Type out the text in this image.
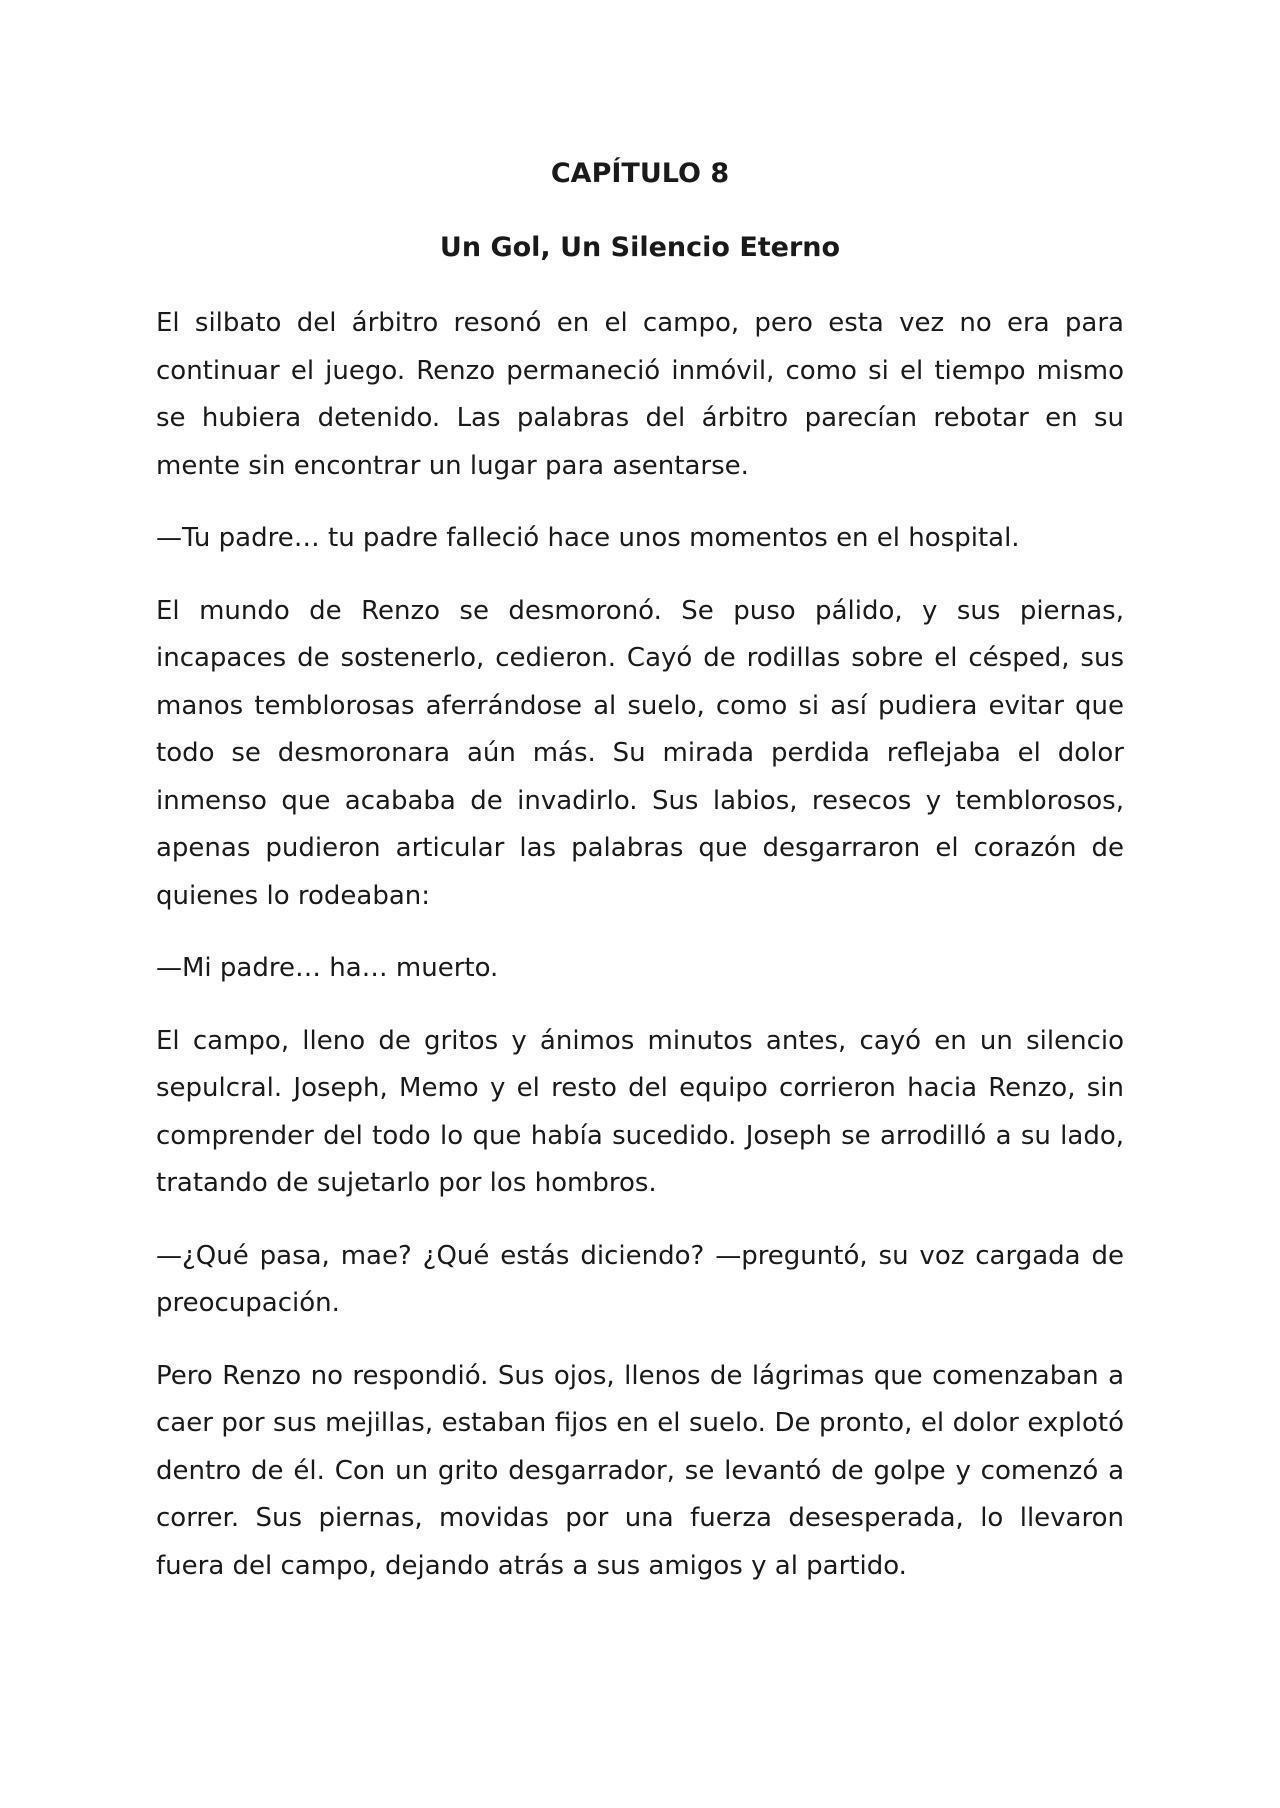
CAPÍTULO 8
Un Gol, Un Silencio Eterno

El silbato del árbitro resonó en el campo, pero esta vez no era para continuar el juego. Renzo permaneció inmóvil, como si el tiempo mismo se hubiera detenido. Las palabras del árbitro parecían rebotar en su mente sin encontrar un lugar para asentarse.

—Tu padre… tu padre falleció hace unos momentos en el hospital.

El mundo de Renzo se desmoronó. Se puso pálido, y sus piernas, incapaces de sostenerlo, cedieron. Cayó de rodillas sobre el césped, sus manos temblorosas aferrándose al suelo, como si así pudiera evitar que todo se desmoronara aún más. Su mirada perdida reflejaba el dolor inmenso que acababa de invadirlo. Sus labios, resecos y temblorosos, apenas pudieron articular las palabras que desgarraron el corazón de quienes lo rodeaban:

—Mi padre… ha… muerto.

El campo, lleno de gritos y ánimos minutos antes, cayó en un silencio sepulcral. Joseph, Memo y el resto del equipo corrieron hacia Renzo, sin comprender del todo lo que había sucedido. Joseph se arrodilló a su lado, tratando de sujetarlo por los hombros.

—¿Qué pasa, mae? ¿Qué estás diciendo? —preguntó, su voz cargada de preocupación.

Pero Renzo no respondió. Sus ojos, llenos de lágrimas que comenzaban a caer por sus mejillas, estaban fijos en el suelo. De pronto, el dolor explotó dentro de él. Con un grito desgarrador, se levantó de golpe y comenzó a correr. Sus piernas, movidas por una fuerza desesperada, lo llevaron fuera del campo, dejando atrás a sus amigos y al partido.
